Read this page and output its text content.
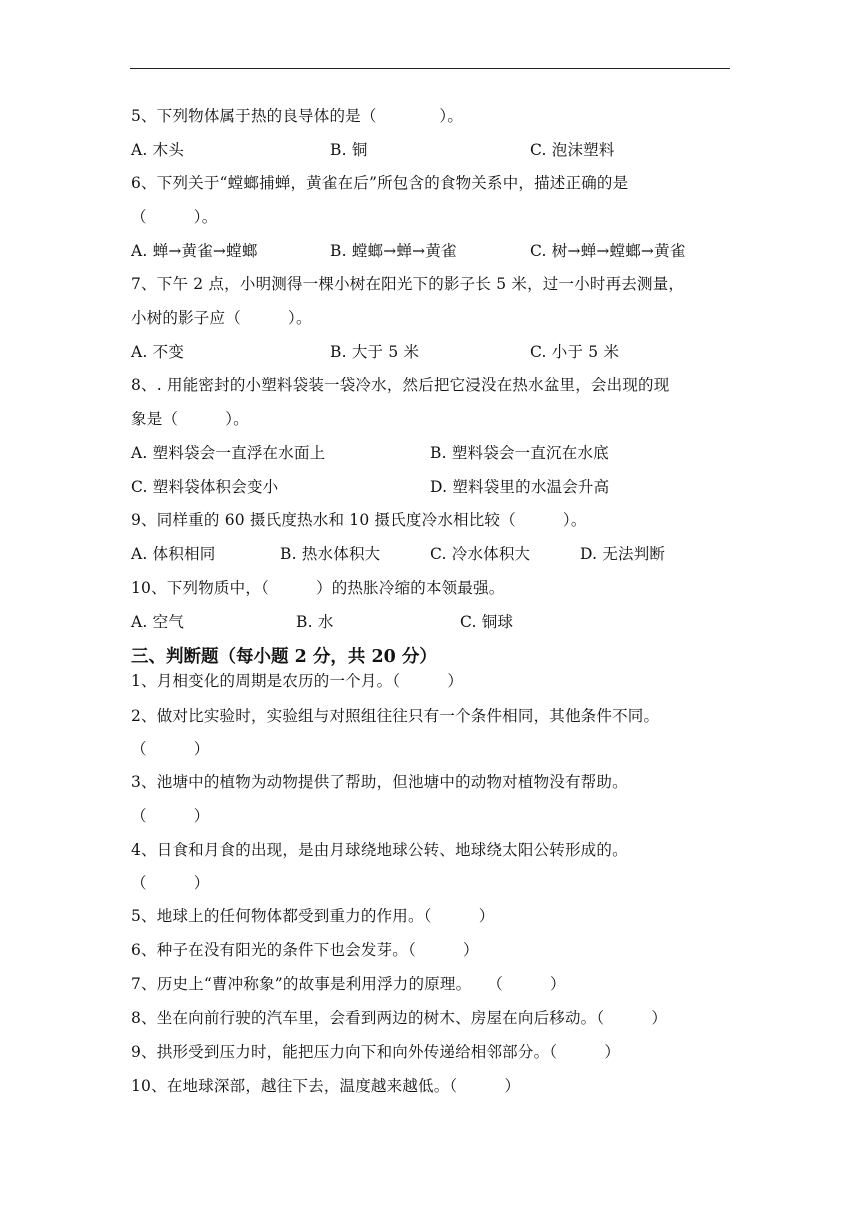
5、下列物体属于热的良导体的是（　　　　）。
A. 木头	B. 铜	C. 泡沫塑料
6、下列关于“螳螂捕蝉，黄雀在后”所包含的食物关系中，描述正确的是
（　　　）。
A. 蝉→黄雀→螳螂	B. 螳螂→蝉→黄雀	C. 树→蝉→螳螂→黄雀
7、下午 2 点，小明测得一棵小树在阳光下的影子长 5 米，过一小时再去测量，
小树的影子应（　　　）。
A. 不变	B. 大于 5 米	C. 小于 5 米
8、. 用能密封的小塑料袋装一袋冷水，然后把它浸没在热水盆里，会出现的现
象是（　　　）。
A. 塑料袋会一直浮在水面上	B. 塑料袋会一直沉在水底
C. 塑料袋体积会变小	D. 塑料袋里的水温会升高
9、同样重的 60 摄氏度热水和 10 摄氏度冷水相比较（　　　）。
A. 体积相同	B. 热水体积大	C. 冷水体积大	D. 无法判断
10、下列物质中，（　　　）的热胀冷缩的本领最强。
A. 空气	B. 水	C. 铜球
三、判断题（每小题 2 分，共 20 分）
1、月相变化的周期是农历的一个月。（　　　）
2、做对比实验时，实验组与对照组往往只有一个条件相同，其他条件不同。
（　　　）
3、池塘中的植物为动物提供了帮助，但池塘中的动物对植物没有帮助。
（　　　）
4、日食和月食的出现，是由月球绕地球公转、地球绕太阳公转形成的。
（　　　）
5、地球上的任何物体都受到重力的作用。（　　　）
6、种子在没有阳光的条件下也会发芽。（　　　）
7、历史上“曹冲称象”的故事是利用浮力的原理。　　（　　　）
8、坐在向前行驶的汽车里，会看到两边的树木、房屋在向后移动。（　　　）
9、拱形受到压力时，能把压力向下和向外传递给相邻部分。（　　　）
10、在地球深部，越往下去，温度越来越低。（　　　）
